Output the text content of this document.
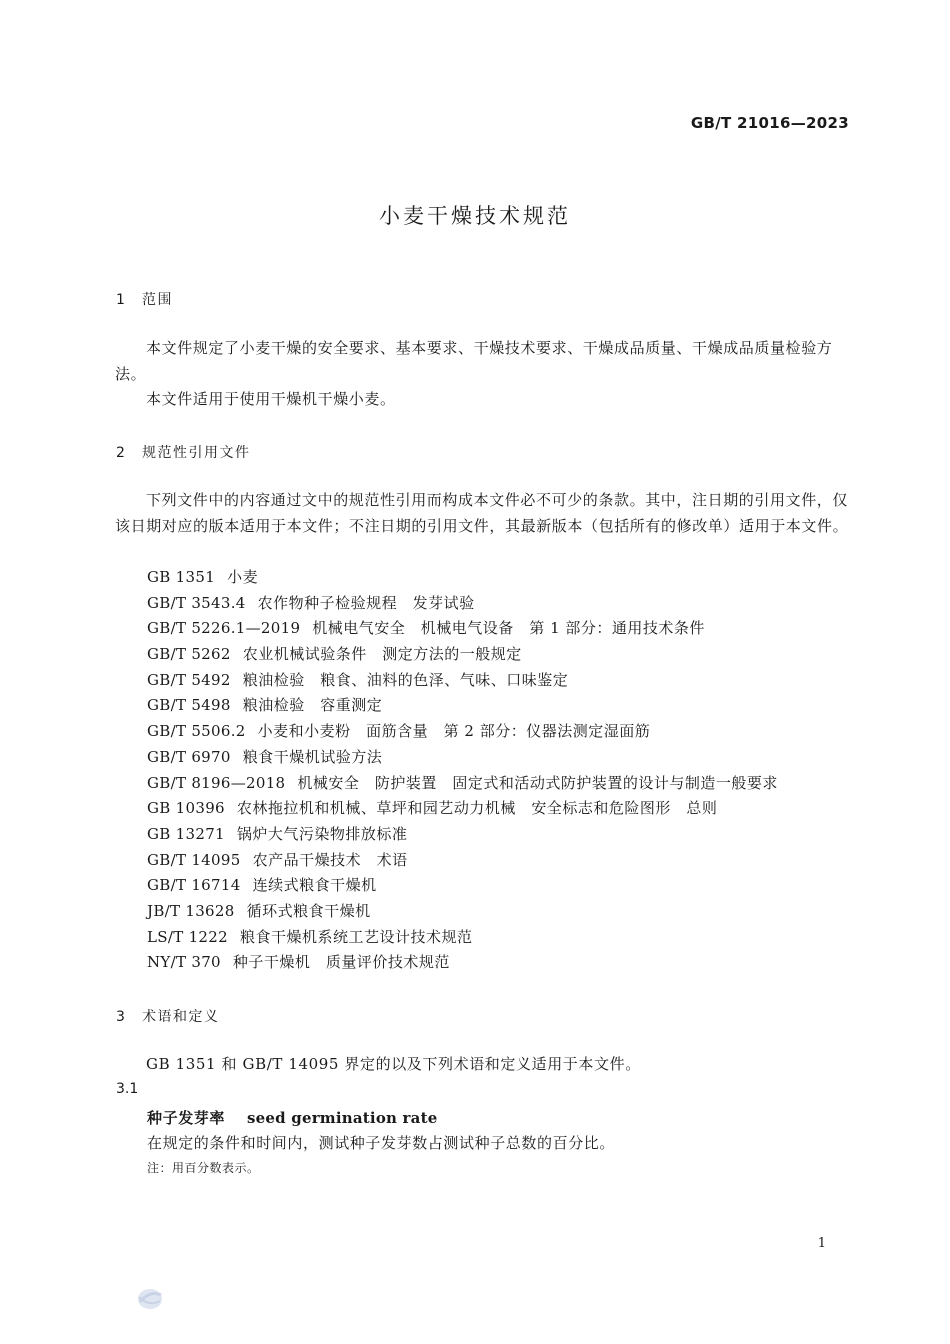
GB/T 21016—2023
小麦干燥技术规范
1 范围
本文件规定了小麦干燥的安全要求、基本要求、干燥技术要求、干燥成品质量、干燥成品质量检验方法。
本文件适用于使用干燥机干燥小麦。
2 规范性引用文件
下列文件中的内容通过文中的规范性引用而构成本文件必不可少的条款。其中，注日期的引用文件，仅该日期对应的版本适用于本文件；不注日期的引用文件，其最新版本（包括所有的修改单）适用于本文件。
GB 1351 小麦
GB/T 3543.4 农作物种子检验规程　发芽试验
GB/T 5226.1—2019 机械电气安全　机械电气设备　第 1 部分：通用技术条件
GB/T 5262 农业机械试验条件　测定方法的一般规定
GB/T 5492 粮油检验　粮食、油料的色泽、气味、口味鉴定
GB/T 5498 粮油检验　容重测定
GB/T 5506.2 小麦和小麦粉　面筋含量　第 2 部分：仪器法测定湿面筋
GB/T 6970 粮食干燥机试验方法
GB/T 8196—2018 机械安全　防护装置　固定式和活动式防护装置的设计与制造一般要求
GB 10396 农林拖拉机和机械、草坪和园艺动力机械　安全标志和危险图形　总则
GB 13271 锅炉大气污染物排放标准
GB/T 14095 农产品干燥技术　术语
GB/T 16714 连续式粮食干燥机
JB/T 13628 循环式粮食干燥机
LS/T 1222 粮食干燥机系统工艺设计技术规范
NY/T 370 种子干燥机　质量评价技术规范
3 术语和定义
GB 1351 和 GB/T 14095 界定的以及下列术语和定义适用于本文件。
3.1
种子发芽率 seed germination rate
在规定的条件和时间内，测试种子发芽数占测试种子总数的百分比。
注：用百分数表示。
1
